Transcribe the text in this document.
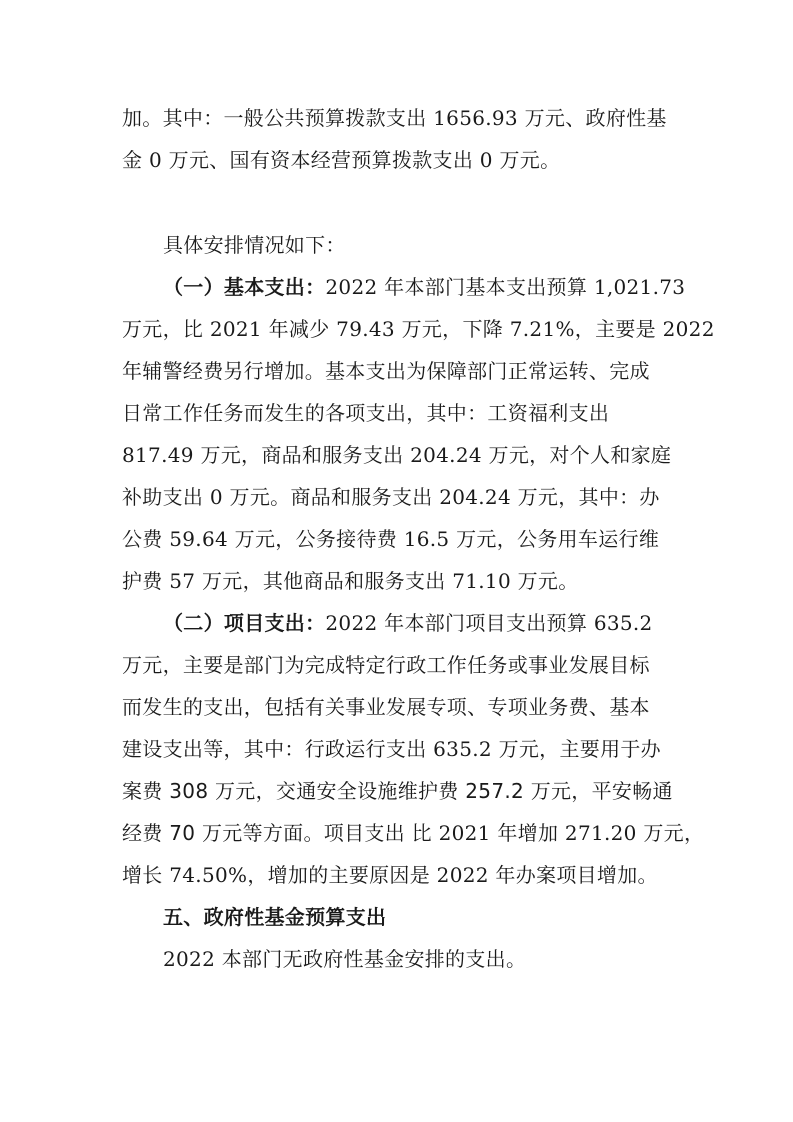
加。其中：一般公共预算拨款支出 1656.93 万元、政府性基
金 0 万元、国有资本经营预算拨款支出 0 万元。
具体安排情况如下：
（一）基本支出：2022 年本部门基本支出预算 1,021.73
万元，比 2021 年减少 79.43 万元，下降 7.21%，主要是 2022
年辅警经费另行增加。基本支出为保障部门正常运转、完成
日常工作任务而发生的各项支出，其中：工资福利支出
817.49 万元，商品和服务支出 204.24 万元，对个人和家庭
补助支出 0 万元。商品和服务支出 204.24 万元，其中：办
公费 59.64 万元，公务接待费 16.5 万元，公务用车运行维
护费 57 万元，其他商品和服务支出 71.10 万元。
（二）项目支出：2022 年本部门项目支出预算 635.2
万元，主要是部门为完成特定行政工作任务或事业发展目标
而发生的支出，包括有关事业发展专项、专项业务费、基本
建设支出等，其中：行政运行支出 635.2 万元，主要用于办
案费 308 万元，交通安全设施维护费 257.2 万元，平安畅通
经费 70 万元等方面。项目支出 比 2021 年增加 271.20 万元，
增长 74.50%，增加的主要原因是 2022 年办案项目增加。
五、政府性基金预算支出
2022 本部门无政府性基金安排的支出。
